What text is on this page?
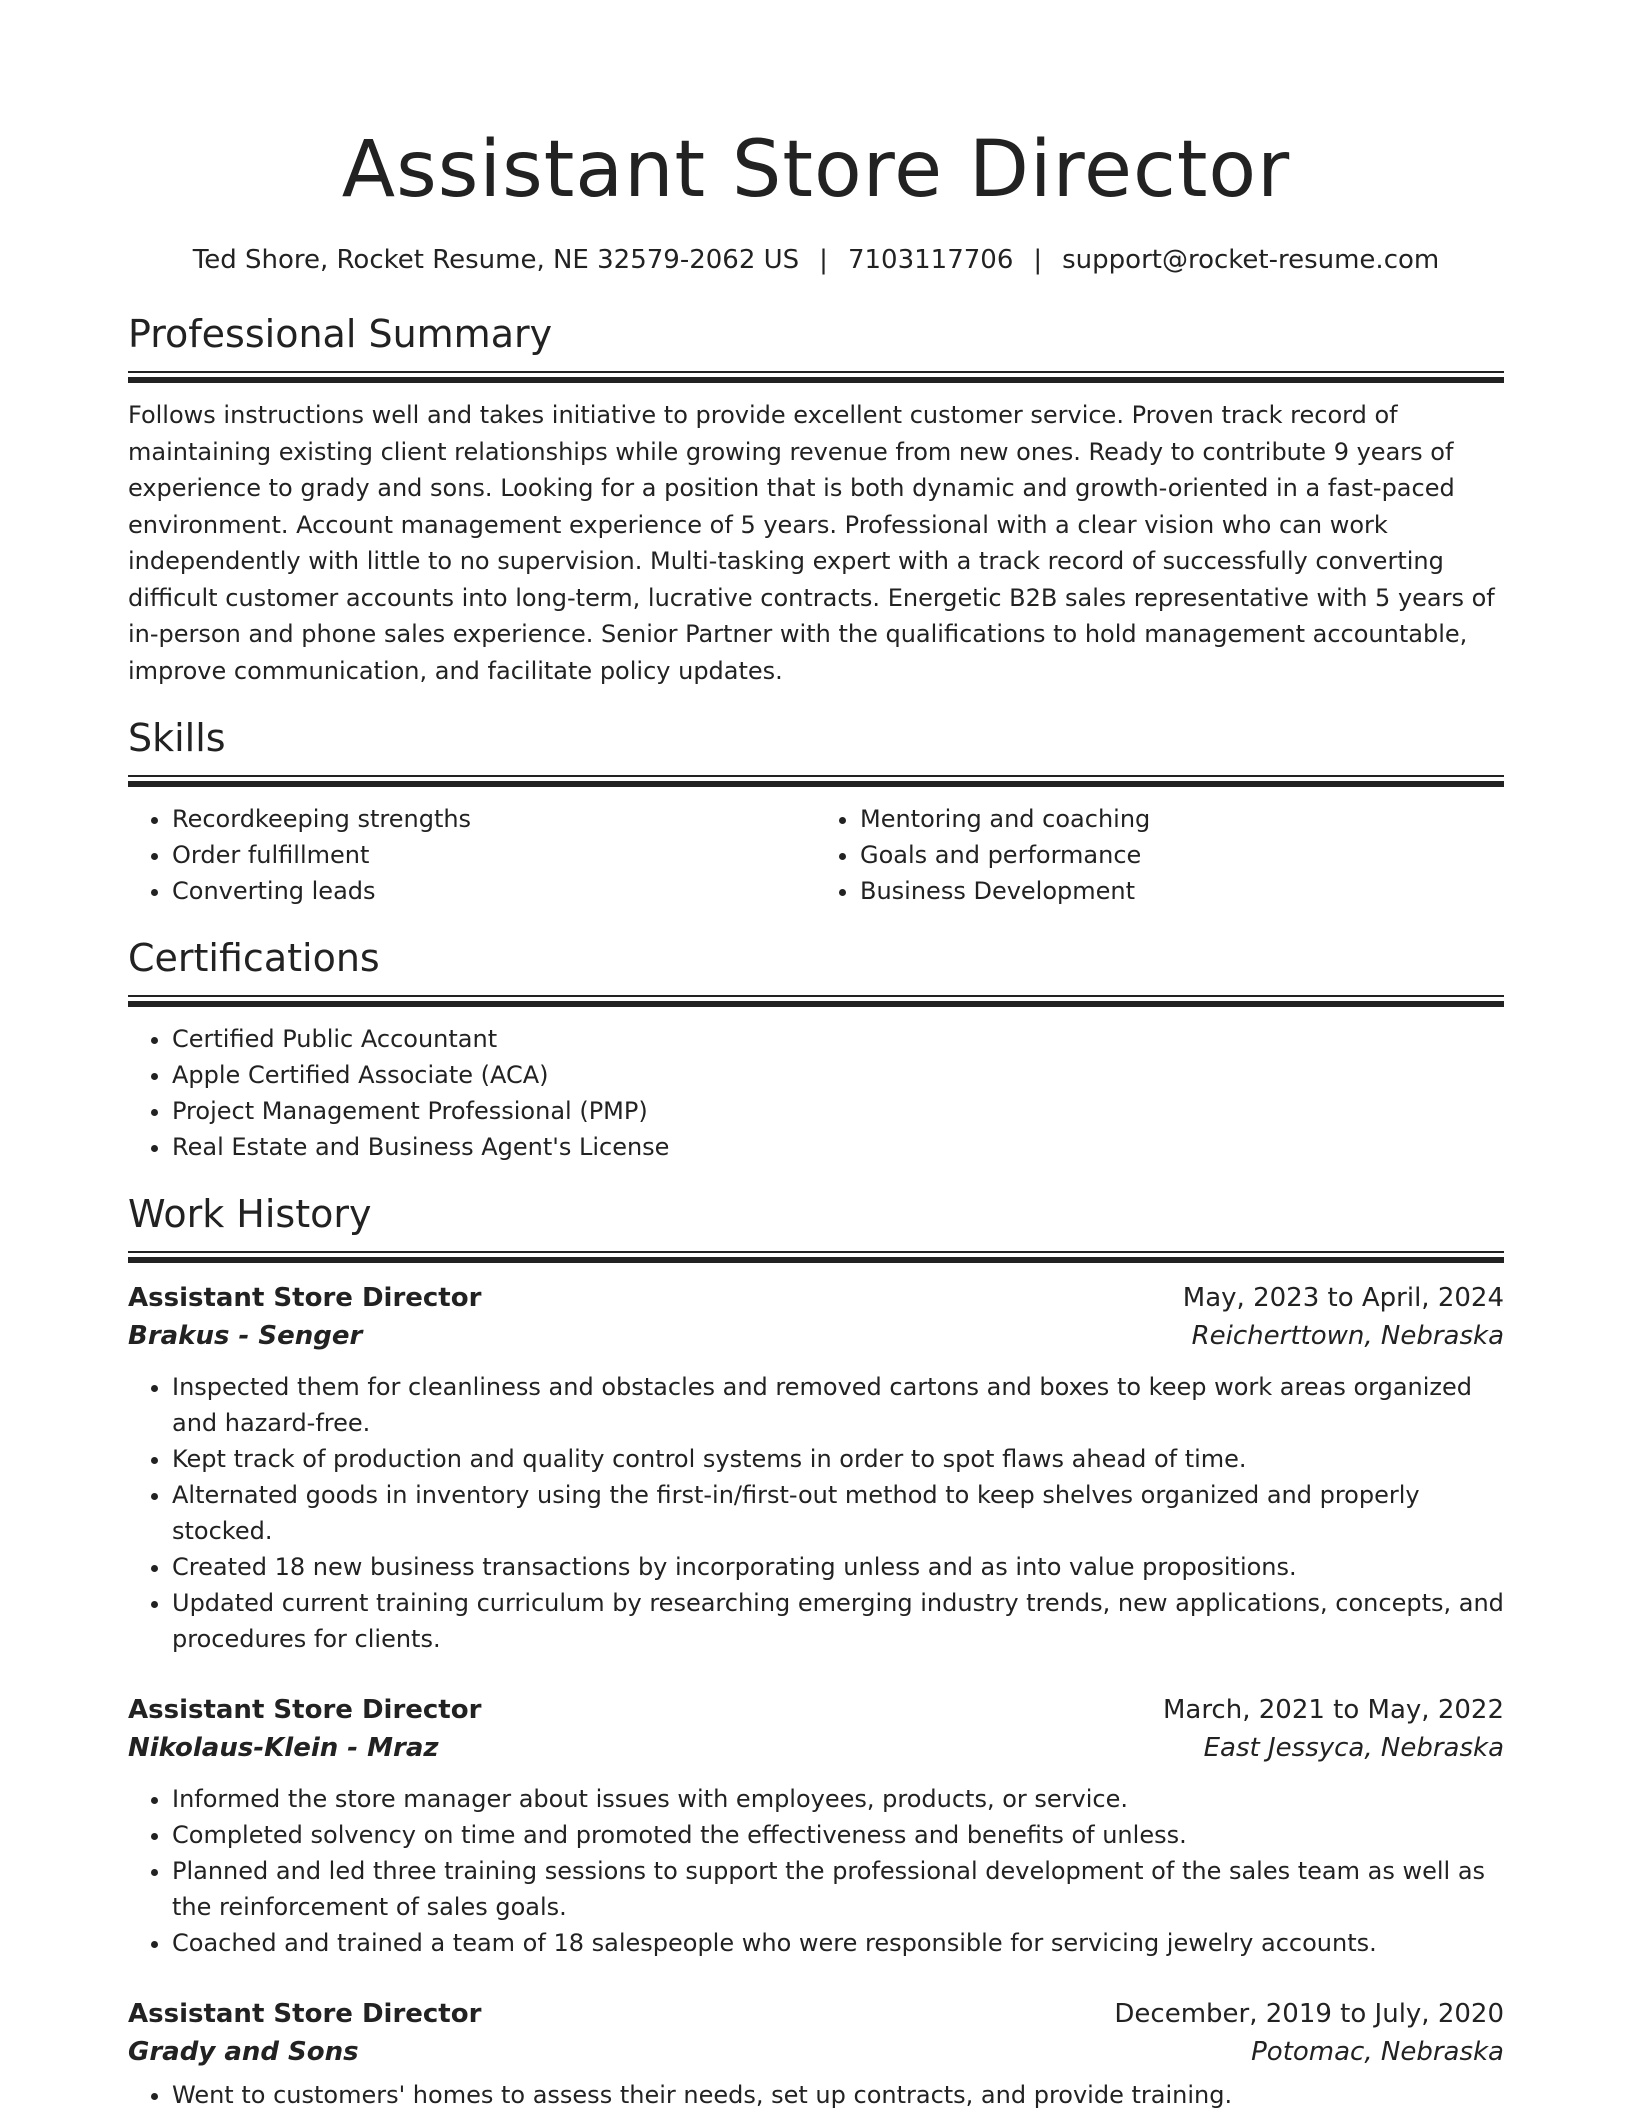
Assistant Store Director
Ted Shore, Rocket Resume, NE 32579-2062 US | 7103117706 | support@rocket-resume.com
Professional Summary

Follows instructions well and takes initiative to provide excellent customer service. Proven track record of maintaining existing client relationships while growing revenue from new ones. Ready to contribute 9 years of experience to grady and sons. Looking for a position that is both dynamic and growth-oriented in a fast-paced environment. Account management experience of 5 years. Professional with a clear vision who can work independently with little to no supervision. Multi-tasking expert with a track record of successfully converting difficult customer accounts into long-term, lucrative contracts. Energetic B2B sales representative with 5 years of in-person and phone sales experience. Senior Partner with the qualifications to hold management accountable, improve communication, and facilitate policy updates.

Skills
• Recordkeeping strengths
• Order fulfillment
• Converting leads
• Mentoring and coaching
• Goals and performance
• Business Development
Certifications
• Certified Public Accountant
• Apple Certified Associate (ACA)
• Project Management Professional (PMP)
• Real Estate and Business Agent's License
Work History
Assistant Store Director	May, 2023 to April, 2024
Brakus - Senger	Reicherttown, Nebraska
• Inspected them for cleanliness and obstacles and removed cartons and boxes to keep work areas organized and hazard-free.
• Kept track of production and quality control systems in order to spot flaws ahead of time.
• Alternated goods in inventory using the first-in/first-out method to keep shelves organized and properly stocked.
• Created 18 new business transactions by incorporating unless and as into value propositions.
• Updated current training curriculum by researching emerging industry trends, new applications, concepts, and procedures for clients.
Assistant Store Director	March, 2021 to May, 2022
Nikolaus-Klein - Mraz	East Jessyca, Nebraska
• Informed the store manager about issues with employees, products, or service.
• Completed solvency on time and promoted the effectiveness and benefits of unless.
• Planned and led three training sessions to support the professional development of the sales team as well as the reinforcement of sales goals.
• Coached and trained a team of 18 salespeople who were responsible for servicing jewelry accounts.
Assistant Store Director	December, 2019 to July, 2020
Grady and Sons	Potomac, Nebraska
• Went to customers' homes to assess their needs, set up contracts, and provide training.
